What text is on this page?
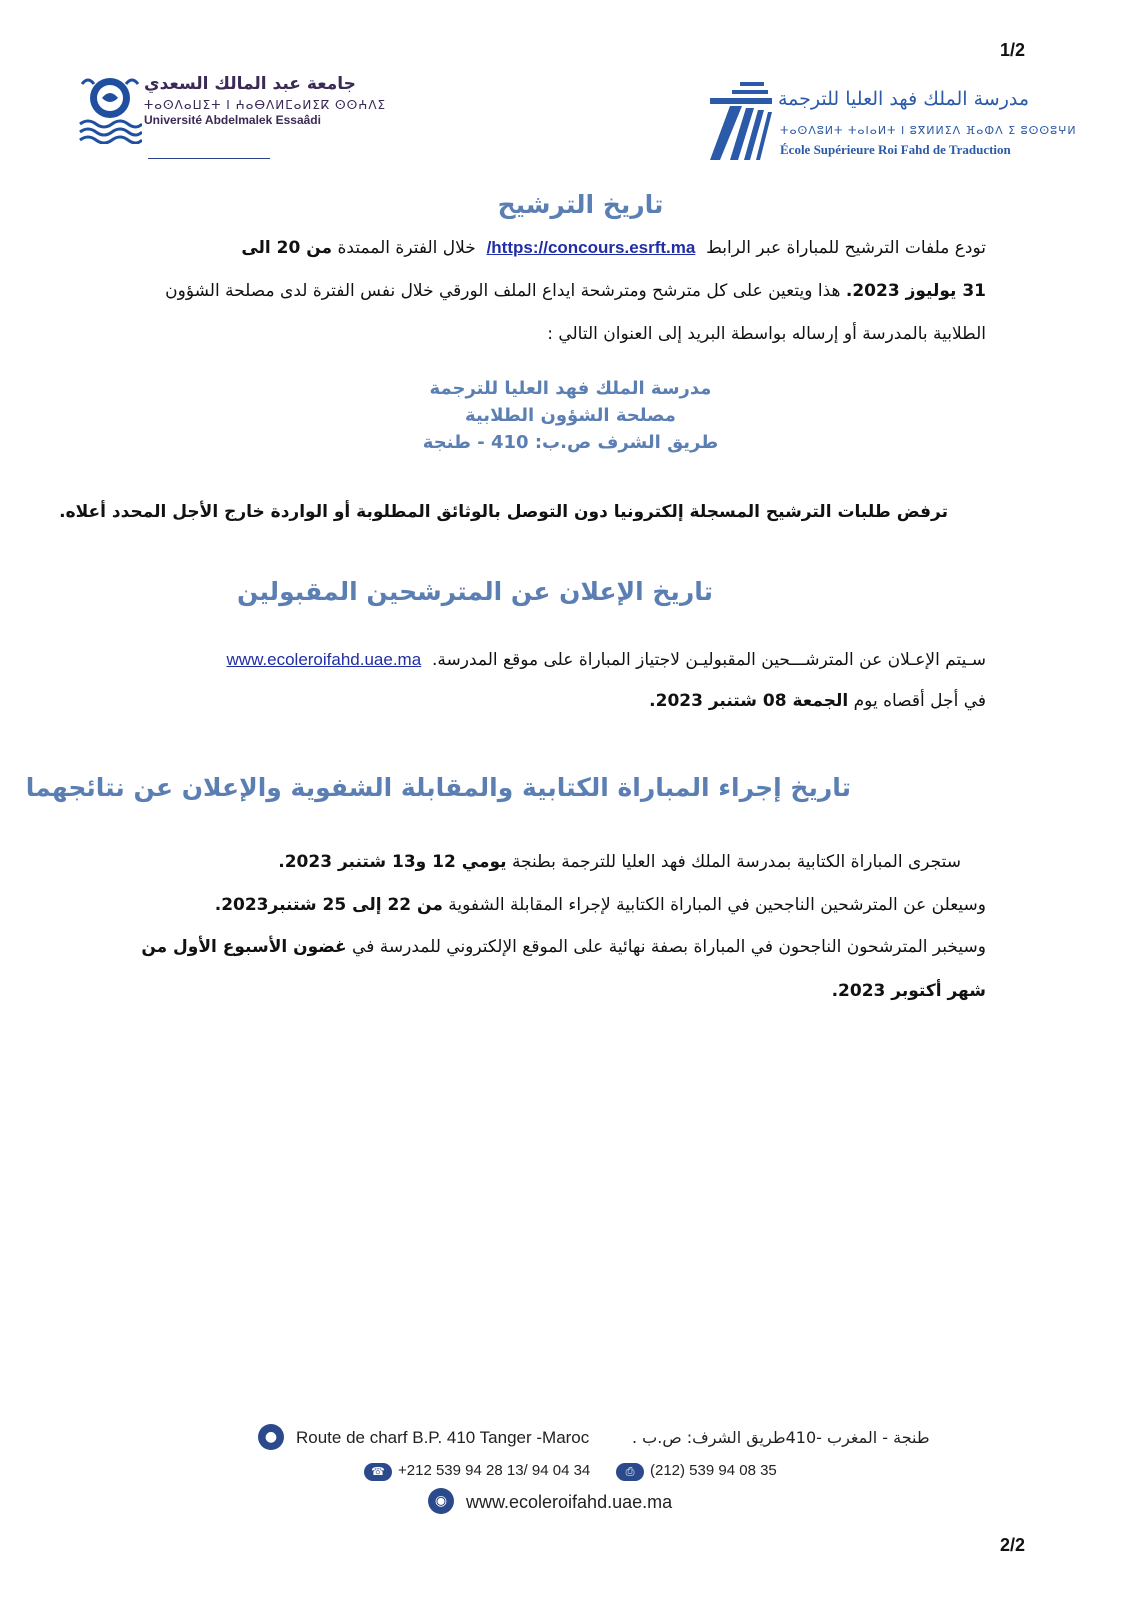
1/2
جامعة عبد المالك السعدي
ⵜⴰⵙⴷⴰⵡⵉⵜ ⵏ ⵄⴰⴱⴷⵍⵎⴰⵍⵉⴽ ⵙⵙⵄⴷⵉ
Université Abdelmalek Essaâdi
مدرسة الملك فهد العليا للترجمة
ⵜⴰⵙⴷⵓⵍⵜ ⵜⴰⵏⴰⵍⵜ ⵏ ⵓⴳⵍⵍⵉⴷ ⴼⴰⵀⴷ ⵉ ⵓⵙⵙⵓⵖⵍ
École Supérieure Roi Fahd de Traduction
تاريخ الترشيح
تودع ملفات الترشيح للمباراة عبر الرابط  https://concours.esrft.ma/  خلال الفترة الممتدة من 20 الى
31 يوليوز 2023. هذا ويتعين على كل مترشح ومترشحة ايداع الملف الورقي خلال نفس الفترة لدى مصلحة الشؤون
الطلابية بالمدرسة أو إرساله بواسطة البريد إلى العنوان التالي :
مدرسة الملك فهد العليا للترجمة
مصلحة الشؤون الطلابية
طريق الشرف ص.ب: 410 - طنجة
ترفض طلبات الترشيح المسجلة إلكترونيا دون التوصل بالوثائق المطلوبة أو الواردة خارج الأجل المحدد أعلاه.
تاريخ الإعلان عن المترشحين المقبولين
سـيتم الإعـلان عن المترشـــحين المقبوليـن لاجتياز المباراة على موقع المدرسة.  www.ecoleroifahd.uae.ma
في أجل أقصاه يوم الجمعة 08 شتنبر 2023.
تاريخ إجراء المباراة الكتابية والمقابلة الشفوية والإعلان عن نتائجهما
ستجرى المباراة الكتابية بمدرسة الملك فهد العليا للترجمة بطنجة يومي 12 و13 شتنبر 2023.
وسيعلن عن المترشحين الناجحين في المباراة الكتابية لإجراء المقابلة الشفوية من 22 إلى 25 شتنبر2023.
وسيخبر المترشحون الناجحون في المباراة بصفة نهائية على الموقع الإلكتروني للمدرسة في غضون الأسبوع الأول من
شهر أكتوبر 2023.
●	Route de charf B.P. 410 Tanger -Maroc	طنجة - المغرب -410طريق الشرف: ص.ب .
☎ +212 539 94 28 13/ 94 04 34	⎙	(212) 539 94 08 35
◉	www.ecoleroifahd.uae.ma
2/2
